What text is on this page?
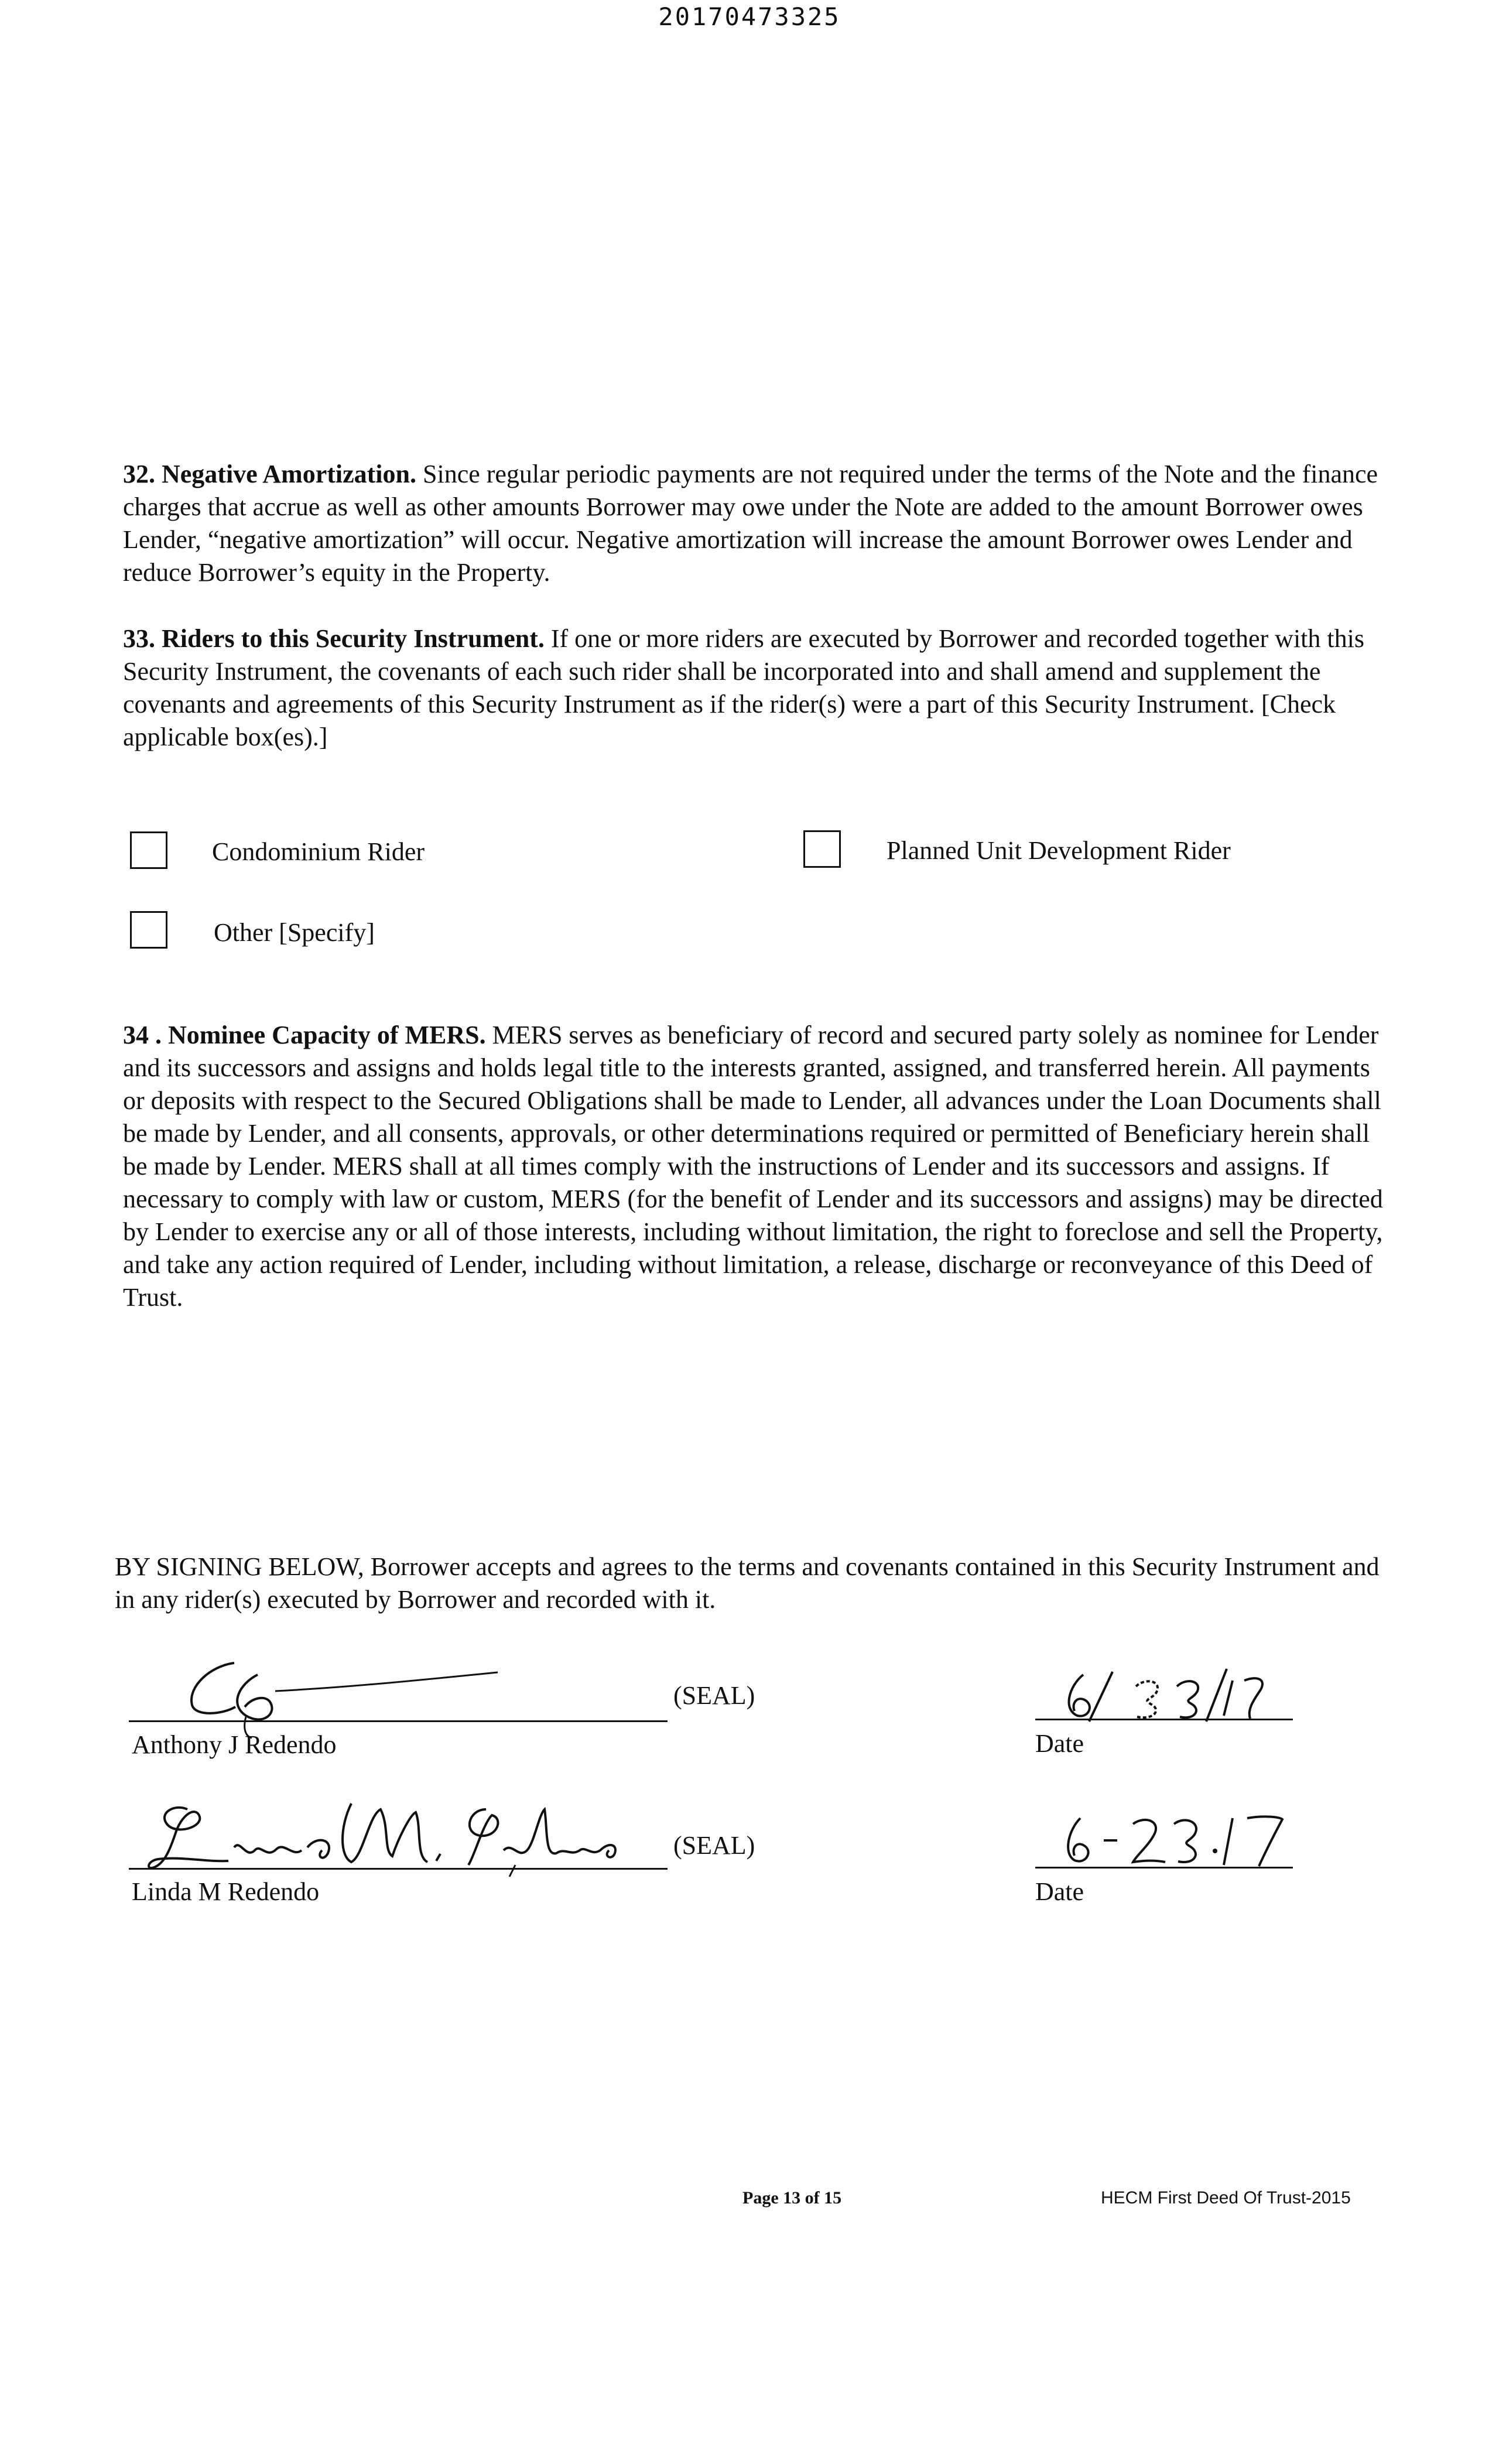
20170473325

32. Negative Amortization. Since regular periodic payments are not required under the terms of the Note and the finance charges that accrue as well as other amounts Borrower may owe under the Note are added to the amount Borrower owes Lender, “negative amortization” will occur. Negative amortization will increase the amount Borrower owes Lender and reduce Borrower’s equity in the Property.

33. Riders to this Security Instrument. If one or more riders are executed by Borrower and recorded together with this Security Instrument, the covenants of each such rider shall be incorporated into and shall amend and supplement the covenants and agreements of this Security Instrument as if the rider(s) were a part of this Security Instrument. [Check applicable box(es).]

Condominium Rider	Planned Unit Development Rider
Other [Specify]

34 . Nominee Capacity of MERS. MERS serves as beneficiary of record and secured party solely as nominee for Lender and its successors and assigns and holds legal title to the interests granted, assigned, and transferred herein. All payments or deposits with respect to the Secured Obligations shall be made to Lender, all advances under the Loan Documents shall be made by Lender, and all consents, approvals, or other determinations required or permitted of Beneficiary herein shall be made by Lender. MERS shall at all times comply with the instructions of Lender and its successors and assigns. If necessary to comply with law or custom, MERS (for the benefit of Lender and its successors and assigns) may be directed by Lender to exercise any or all of those interests, including without limitation, the right to foreclose and sell the Property, and take any action required of Lender, including without limitation, a release, discharge or reconveyance of this Deed of Trust.

BY SIGNING BELOW, Borrower accepts and agrees to the terms and covenants contained in this Security Instrument and in any rider(s) executed by Borrower and recorded with it.

(SEAL)
Anthony J Redendo	Date
(SEAL)
Linda M Redendo	Date
Page 13 of 15	HECM First Deed Of Trust-2015
